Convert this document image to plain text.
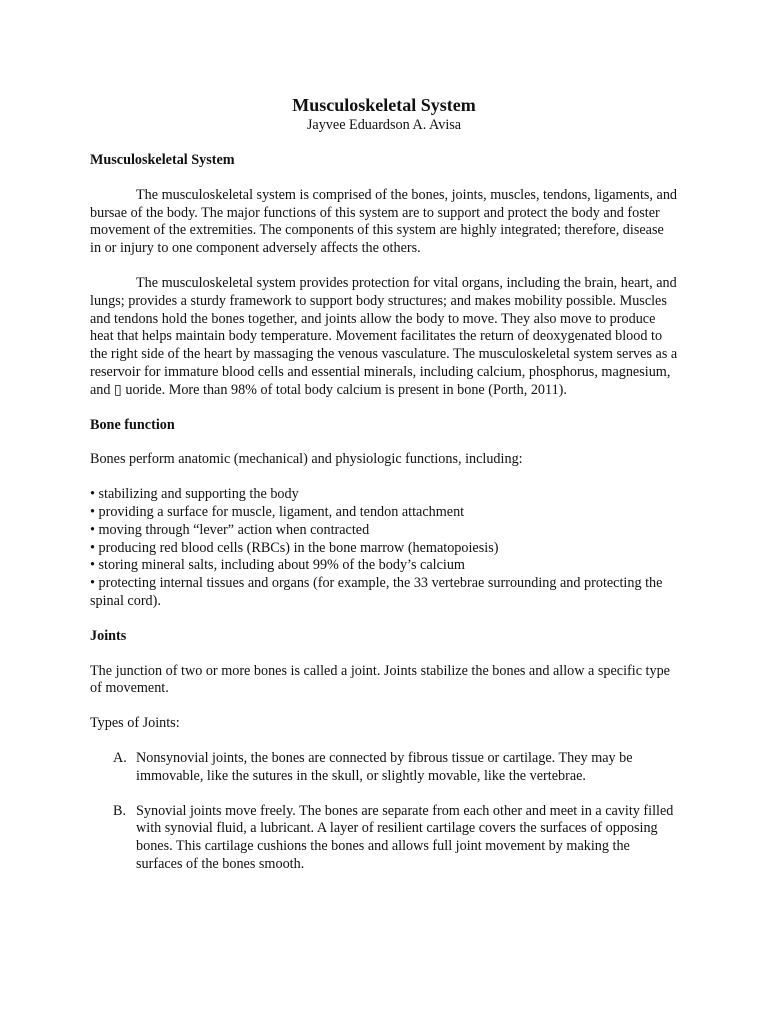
Musculoskeletal System

Jayvee Eduardson A. Avisa

Musculoskeletal System

The musculoskeletal system is comprised of the bones, joints, muscles, tendons, ligaments, and bursae of the body. The major functions of this system are to support and protect the body and foster movement of the extremities. The components of this system are highly integrated; therefore, disease in or injury to one component adversely affects the others.

The musculoskeletal system provides protection for vital organs, including the brain, heart, and lungs; provides a sturdy framework to support body structures; and makes mobility possible. Muscles and tendons hold the bones together, and joints allow the body to move. They also move to produce heat that helps maintain body temperature. Movement facilitates the return of deoxygenated blood to the right side of the heart by massaging the venous vasculature. The musculoskeletal system serves as a reservoir for immature blood cells and essential minerals, including calcium, phosphorus, magnesium, and ▯ uoride. More than 98% of total body calcium is present in bone (Porth, 2011).

Bone function

Bones perform anatomic (mechanical) and physiologic functions, including:

• stabilizing and supporting the body

• providing a surface for muscle, ligament, and tendon attachment

• moving through “lever” action when contracted

• producing red blood cells (RBCs) in the bone marrow (hematopoiesis)

• storing mineral salts, including about 99% of the body’s calcium

• protecting internal tissues and organs (for example, the 33 vertebrae surrounding and protecting the spinal cord).

Joints

The junction of two or more bones is called a joint. Joints stabilize the bones and allow a specific type of movement.

Types of Joints:

A. Nonsynovial joints, the bones are connected by fibrous tissue or cartilage. They may be immovable, like the sutures in the skull, or slightly movable, like the vertebrae.
B. Synovial joints move freely. The bones are separate from each other and meet in a cavity filled with synovial fluid, a lubricant. A layer of resilient cartilage covers the surfaces of opposing bones. This cartilage cushions the bones and allows full joint movement by making the surfaces of the bones smooth.
